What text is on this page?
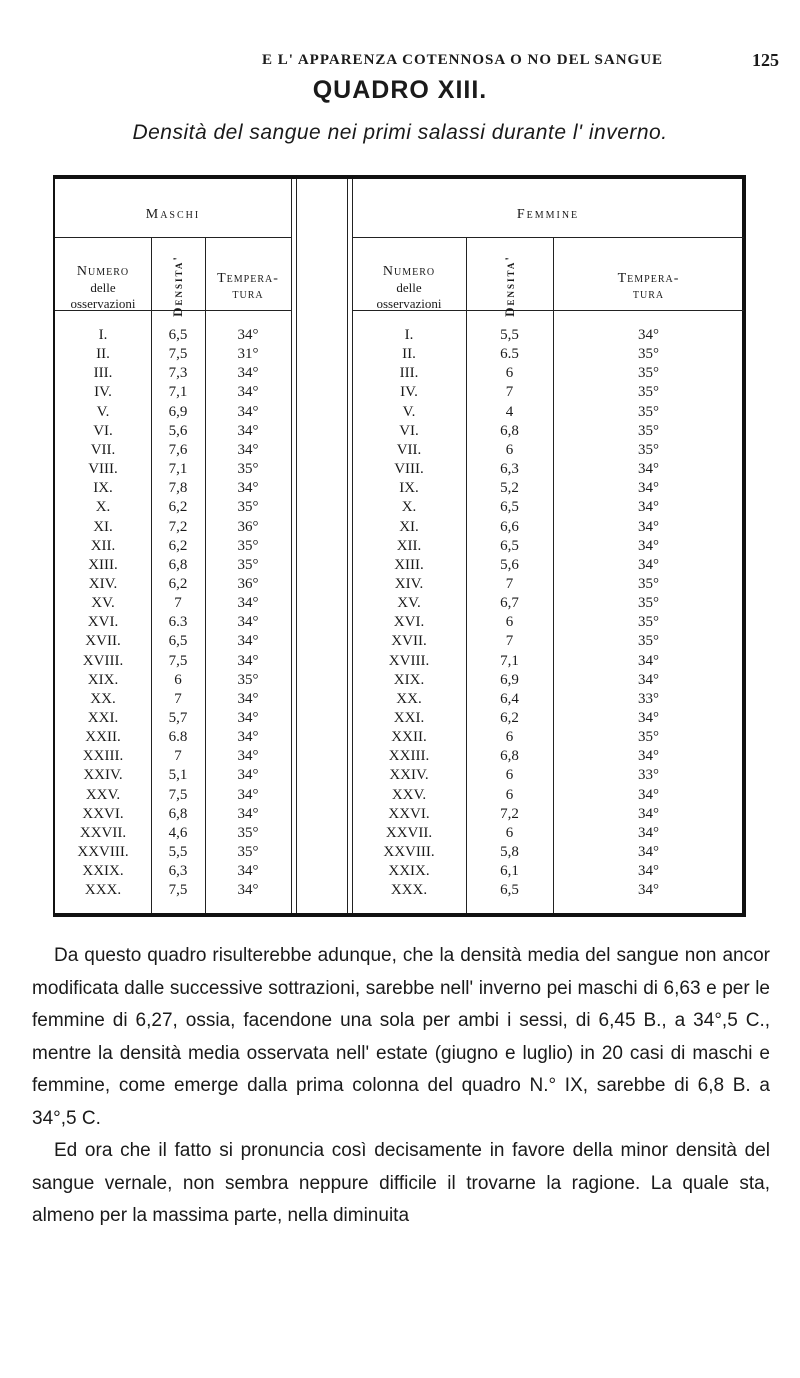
E L' APPARENZA COTENNOSA O NO DEL SANGUE	125
QUADRO XIII.
Densità del sangue nei primi salassi durante l' inverno.
Maschi	Femmine
Numero
delle
osservazioni	Densita'	Tempera-
tura
Numero
delle
osservazioni	Densita'	Tempera-
tura
I.	6,5	34°	I.	5,5	34°
II.	7,5	31°	II.	6.5	35°
III.	7,3	34°	III.	6	35°
IV.	7,1	34°	IV.	7	35°
V.	6,9	34°	V.	4	35°
VI.	5,6	34°	VI.	6,8	35°
VII.	7,6	34°	VII.	6	35°
VIII.	7,1	35°	VIII.	6,3	34°
IX.	7,8	34°	IX.	5,2	34°
X.	6,2	35°	X.	6,5	34°
XI.	7,2	36°	XI.	6,6	34°
XII.	6,2	35°	XII.	6,5	34°
XIII.	6,8	35°	XIII.	5,6	34°
XIV.	6,2	36°	XIV.	7	35°
XV.	7	34°	XV.	6,7	35°
XVI.	6.3	34°	XVI.	6	35°
XVII.	6,5	34°	XVII.	7	35°
XVIII.	7,5	34°	XVIII.	7,1	34°
XIX.	6	35°	XIX.	6,9	34°
XX.	7	34°	XX.	6,4	33°
XXI.	5,7	34°	XXI.	6,2	34°
XXII.	6.8	34°	XXII.	6	35°
XXIII.	7	34°	XXIII.	6,8	34°
XXIV.	5,1	34°	XXIV.	6	33°
XXV.	7,5	34°	XXV.	6	34°
XXVI.	6,8	34°	XXVI.	7,2	34°
XXVII.	4,6	35°	XXVII.	6	34°
XXVIII.	5,5	35°	XXVIII.	5,8	34°
XXIX.	6,3	34°	XXIX.	6,1	34°
XXX.	7,5	34°	XXX.	6,5	34°

Da questo quadro risulterebbe adunque, che la densità media del sangue non ancor modificata dalle successive sottrazioni, sarebbe nell' inverno pei maschi di 6,63 e per le femmine di 6,27, ossia, facendone una sola per ambi i sessi, di 6,45 B., a 34°,5 C., mentre la densità media osservata nell' estate (giugno e luglio) in 20 casi di maschi e femmine, come emerge dalla prima colonna del quadro N.° IX, sarebbe di 6,8 B. a 34°,5 C.

Ed ora che il fatto si pronuncia così decisamente in favore della minor densità del sangue vernale, non sembra neppure difficile il trovarne la ragione. La quale sta, almeno per la massima parte, nella diminuita
